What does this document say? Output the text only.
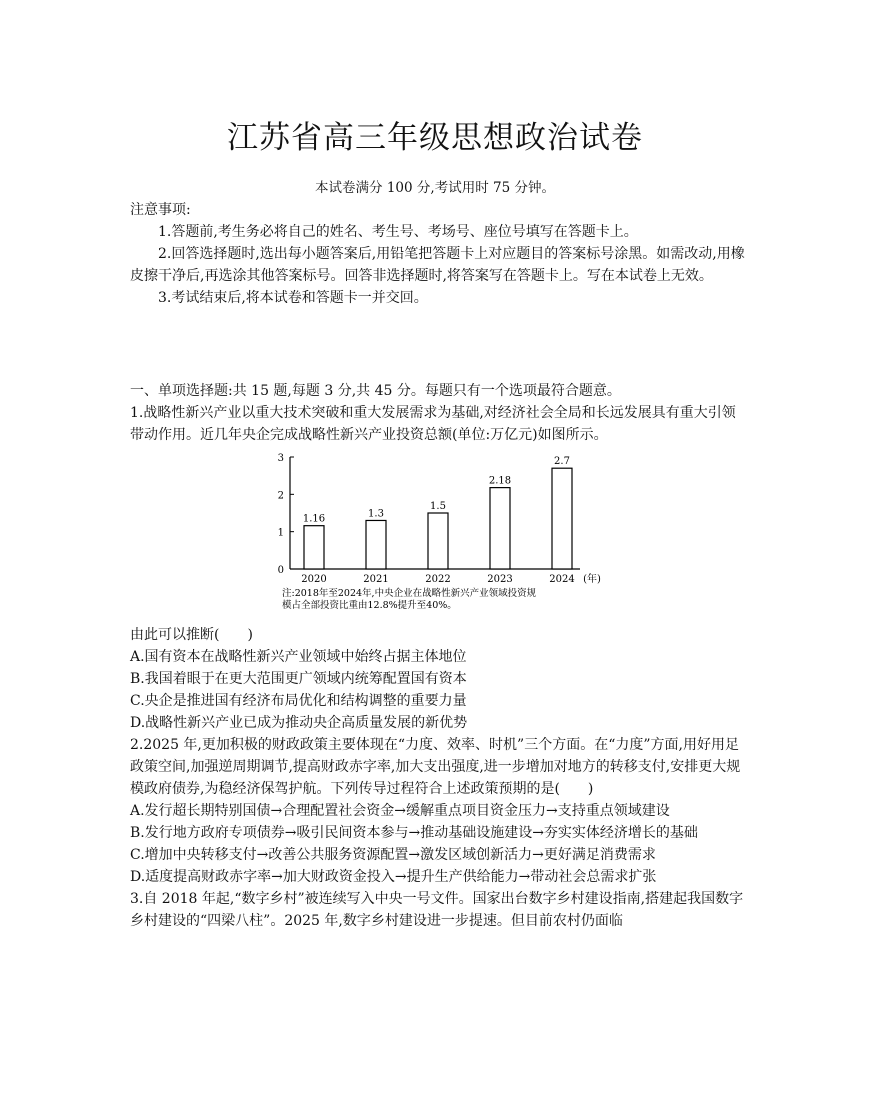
江苏省高三年级思想政治试卷
本试卷满分 100 分,考试用时 75 分钟。

注意事项:

1.答题前,考生务必将自己的姓名、考生号、考场号、座位号填写在答题卡上。

2.回答选择题时,选出每小题答案后,用铅笔把答题卡上对应题目的答案标号涂黑。如需改动,用橡皮擦干净后,再选涂其他答案标号。回答非选择题时,将答案写在答题卡上。写在本试卷上无效。

3.考试结束后,将本试卷和答题卡一并交回。

一、单项选择题:共 15 题,每题 3 分,共 45 分。每题只有一个选项最符合题意。

1.战略性新兴产业以重大技术突破和重大发展需求为基础,对经济社会全局和长远发展具有重大引领带动作用。近几年央企完成战略性新兴产业投资总额(单位:万亿元)如图所示。

0
1
2
3
1.16
2020
1.3
2021
1.5
2022
2.18
2023
2.7
2024 (年)
注:2018年至2024年,中央企业在战略性新兴产业领域投资规
模占全部投资比重由12.8%提升至40%。

由此可以推断(　　)

A.国有资本在战略性新兴产业领域中始终占据主体地位

B.我国着眼于在更大范围更广领域内统筹配置国有资本

C.央企是推进国有经济布局优化和结构调整的重要力量

D.战略性新兴产业已成为推动央企高质量发展的新优势

2.2025 年,更加积极的财政政策主要体现在“力度、效率、时机”三个方面。在“力度”方面,用好用足政策空间,加强逆周期调节,提高财政赤字率,加大支出强度,进一步增加对地方的转移支付,安排更大规模政府债券,为稳经济保驾护航。下列传导过程符合上述政策预期的是(　　)

A.发行超长期特别国债→合理配置社会资金→缓解重点项目资金压力→支持重点领域建设

B.发行地方政府专项债券→吸引民间资本参与→推动基础设施建设→夯实实体经济增长的基础

C.增加中央转移支付→改善公共服务资源配置→激发区域创新活力→更好满足消费需求

D.适度提高财政赤字率→加大财政资金投入→提升生产供给能力→带动社会总需求扩张

3.自 2018 年起,“数字乡村”被连续写入中央一号文件。国家出台数字乡村建设指南,搭建起我国数字乡村建设的“四梁八柱”。2025 年,数字乡村建设进一步提速。但目前农村仍面临
